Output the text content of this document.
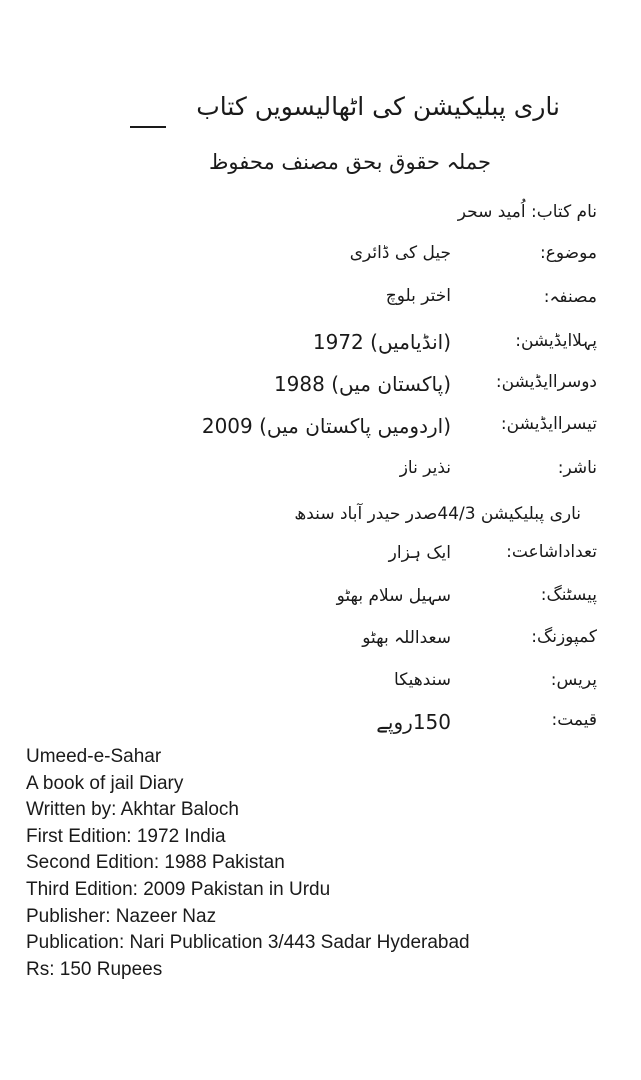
ناری پبلیکیشن کی اٹھالیسویں کتاب
جملہ حقوق بحق مصنف محفوظ
نام کتاب: اُمید سحر
موضوع:
جیل کی ڈائری
مصنفہ:
اختر بلوچ
پہلاایڈیشن:
(انڈیامیں) 1972
دوسراایڈیشن:
(پاکستان میں) 1988
تیسراایڈیشن:
(اردومیں پاکستان میں) 2009
ناشر:
نذیر ناز
ناری پبلیکیشن 44/3صدر حیدر آباد سندھ
تعداداشاعت:
ایک ہزار
پیسٹنگ:
سہیل سلام بھٹو
کمپوزنگ:
سعداللہ بھٹو
پریس:
سندھیکا
قیمت:
150روپے
Umeed-e-Sahar
A book of jail Diary
Written by: Akhtar Baloch
First Edition: 1972 India
Second Edition: 1988 Pakistan
Third Edition: 2009 Pakistan in Urdu
Publisher: Nazeer Naz
Publication: Nari Publication 3/443 Sadar Hyderabad
Rs: 150 Rupees
